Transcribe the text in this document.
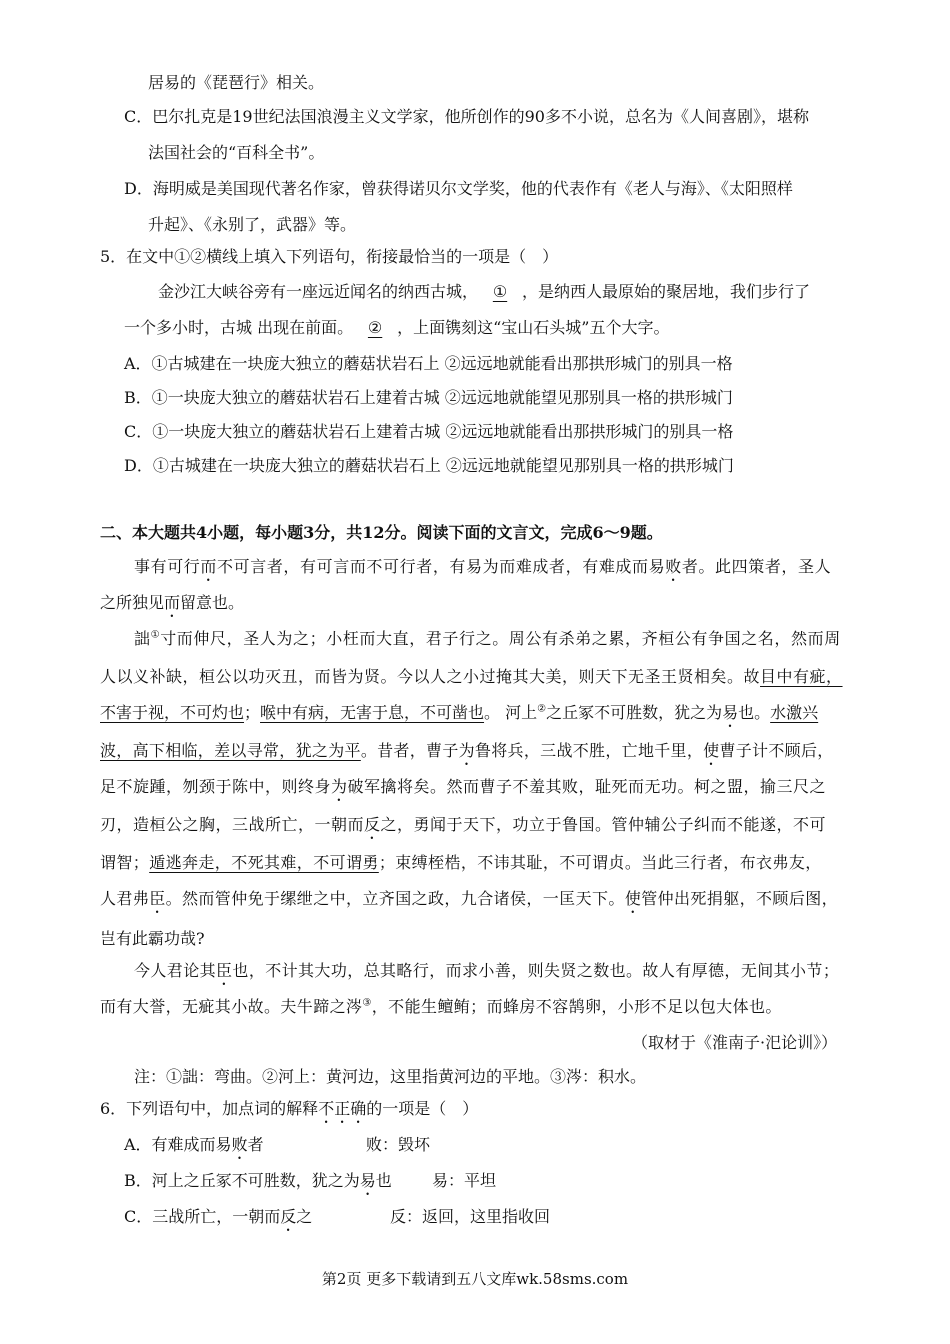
居易的《琵琶行》相关。
C．巴尔扎克是19世纪法国浪漫主义文学家，他所创作的90多不小说，总名为《人间喜剧》，堪称
法国社会的“百科全书”。
D．海明威是美国现代著名作家，曾获得诺贝尔文学奖，他的代表作有《老人与海》、《太阳照样
升起》、《永别了，武器》等。
5．在文中①②横线上填入下列语句，衔接最恰当的一项是（　）
金沙江大峡谷旁有一座远近闻名的纳西古城， ① ，是纳西人最原始的聚居地，我们步行了
一个多小时，古城 出现在前面。 ② ，上面镌刻这“宝山石头城”五个大字。
A．①古城建在一块庞大独立的蘑菇状岩石上 ②远远地就能看出那拱形城门的别具一格
B．①一块庞大独立的蘑菇状岩石上建着古城 ②远远地就能望见那别具一格的拱形城门
C．①一块庞大独立的蘑菇状岩石上建着古城 ②远远地就能看出那拱形城门的别具一格
D．①古城建在一块庞大独立的蘑菇状岩石上 ②远远地就能望见那别具一格的拱形城门
二、本大题共4小题，每小题3分，共12分。阅读下面的文言文，完成6～9题。
事有可行而不可言者，有可言而不可行者，有易为而难成者，有难成而易败者。此四策者，圣人
之所独见而留意也。
詘①寸而伸尺，圣人为之；小枉而大直，君子行之。周公有杀弟之累，齐桓公有争国之名，然而周
人以义补缺，桓公以功灭丑，而皆为贤。今以人之小过掩其大美，则天下无圣王贤相矣。故目中有疵，
不害于视，不可灼也；喉中有病，无害于息，不可凿也。 河上②之丘冢不可胜数，犹之为易也。水激兴
波，高下相临，差以寻常，犹之为平。昔者，曹子为鲁将兵，三战不胜，亡地千里，使曹子计不顾后，
足不旋踵，刎颈于陈中，则终身为破军擒将矣。然而曹子不羞其败，耻死而无功。柯之盟，揄三尺之
刃，造桓公之胸，三战所亡，一朝而反之，勇闻于天下，功立于鲁国。管仲辅公子纠而不能遂，不可
谓智；遁逃奔走，不死其难，不可谓勇；束缚桎梏，不讳其耻，不可谓贞。当此三行者，布衣弗友，
人君弗臣。然而管仲免于缧绁之中，立齐国之政，九合诸侯，一匡天下。使管仲出死捐躯，不顾后图，
岂有此霸功哉?
今人君论其臣也，不计其大功，总其略行，而求小善，则失贤之数也。故人有厚德，无间其小节；
而有大誉，无疵其小故。夫牛蹄之涔③，不能生鳣鲔；而蜂房不容鹄卵，小形不足以包大体也。
（取材于《淮南子·汜论训》）
注：①詘：弯曲。②河上：黄河边，这里指黄河边的平地。③涔：积水。
6．下列语句中，加点词的解释不正确的一项是（　）
A．有难成而易败者	败：毁坏
B．河上之丘冢不可胜数，犹之为易也	易：平坦
C．三战所亡，一朝而反之	反：返回，这里指收回
第2页 更多下载请到五八文库wk.58sms.com
